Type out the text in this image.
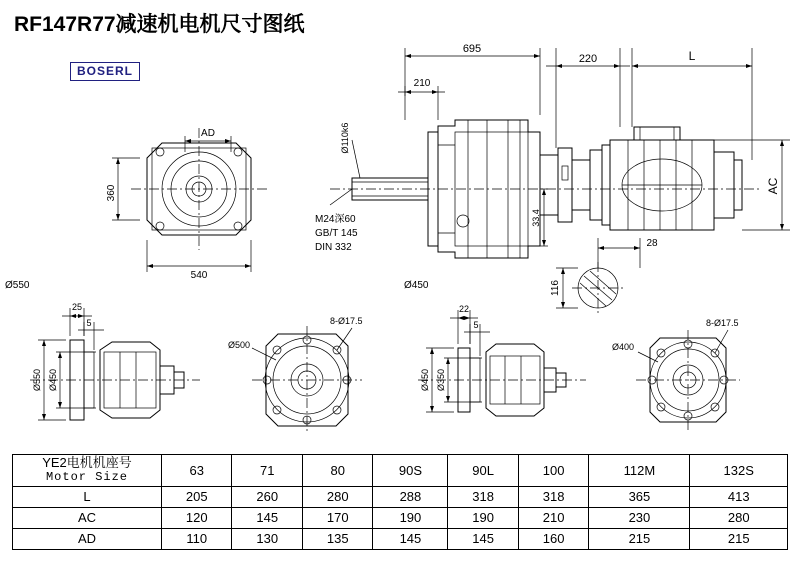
RF147R77减速机电机尺寸图纸
BOSERL
AD
360
540
695
210
220	L
AC
Ø110k6
33.4
M24深60
GB/T 145
DIN 332
Ø450
Ø550
28
116
25
5
Ø550 Ø450
8-Ø17.5
Ø500
22
5
Ø450 Ø350
8-Ø17.5
Ø400
YE2电机机座号
Motor Size	63	71	80	90S	90L	100	112M	132S
L	205	260	280	288	318	318	365	413
AC	120	145	170	190	190	210	230	280
AD	110	130	135	145	145	160	215	215
